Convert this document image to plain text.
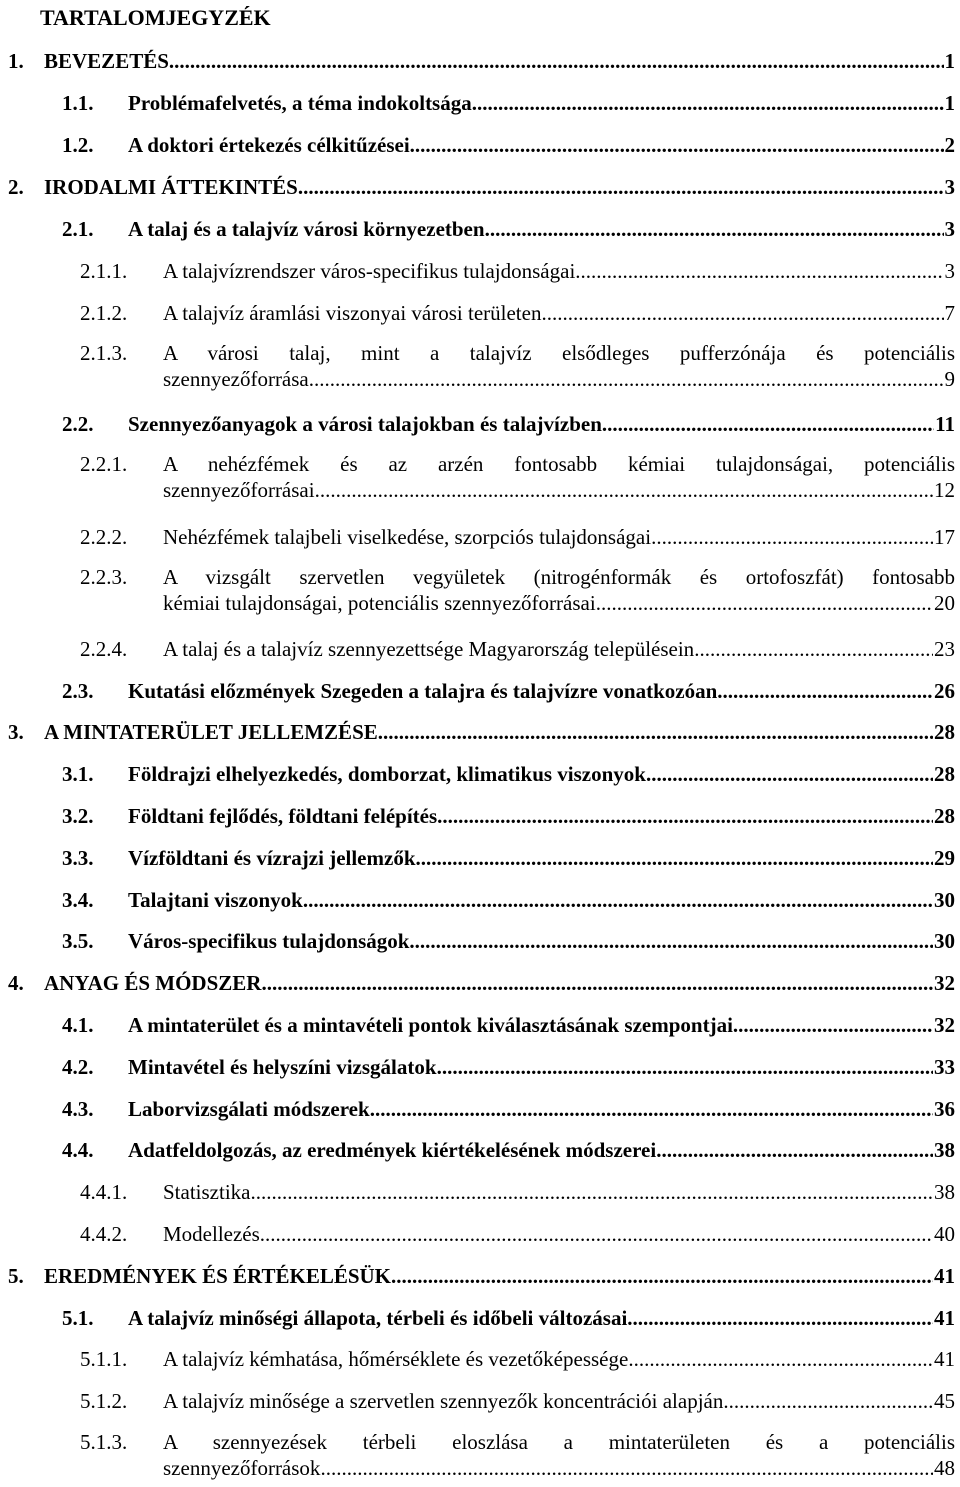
TARTALOMJEGYZÉK
1. BEVEZETÉS .....	1
1.1. Problémafelvetés, a téma indokoltsága .....	1
1.2. A doktori értekezés célkitűzései .....	2
2. IRODALMI ÁTTEKINTÉS .....	3
2.1. A talaj és a talajvíz városi környezetben .....	3
2.1.1. A talajvízrendszer város-specifikus tulajdonságai .....	3
2.1.2. A talajvíz áramlási viszonyai városi területen .....	7
2.1.3. A városi talaj, mint a talajvíz elsődleges pufferzónája és potenciális
szennyezőforrása .....	9
2.2. Szennyezőanyagok a városi talajokban és talajvízben .....	11
2.2.1. A nehézfémek és az arzén fontosabb kémiai tulajdonságai, potenciális
szennyezőforrásai .....	12
2.2.2. Nehézfémek talajbeli viselkedése, szorpciós tulajdonságai .....	17
2.2.3. A vizsgált szervetlen vegyületek (nitrogénformák és ortofoszfát) fontosabb
kémiai tulajdonságai, potenciális szennyezőforrásai .....	20
2.2.4. A talaj és a talajvíz szennyezettsége Magyarország településein .....	23
2.3. Kutatási előzmények Szegeden a talajra és talajvízre vonatkozóan .....	26
3. A MINTATERÜLET JELLEMZÉSE .....	28
3.1. Földrajzi elhelyezkedés, domborzat, klimatikus viszonyok .....	28
3.2. Földtani fejlődés, földtani felépítés .....	28
3.3. Vízföldtani és vízrajzi jellemzők .....	29
3.4. Talajtani viszonyok .....	30
3.5. Város-specifikus tulajdonságok .....	30
4. ANYAG ÉS MÓDSZER .....	32
4.1. A mintaterület és a mintavételi pontok kiválasztásának szempontjai .....	32
4.2. Mintavétel és helyszíni vizsgálatok .....	33
4.3. Laborvizsgálati módszerek .....	36
4.4. Adatfeldolgozás, az eredmények kiértékelésének módszerei .....	38
4.4.1. Statisztika .....	38
4.4.2. Modellezés .....	40
5. EREDMÉNYEK ÉS ÉRTÉKELÉSÜK .....	41
5.1. A talajvíz minőségi állapota, térbeli és időbeli változásai .....	41
5.1.1. A talajvíz kémhatása, hőmérséklete és vezetőképessége .....	41
5.1.2. A talajvíz minősége a szervetlen szennyezők koncentrációi alapján .....	45
5.1.3. A szennyezések térbeli eloszlása a mintaterületen és a potenciális
szennyezőforrások .....	48
